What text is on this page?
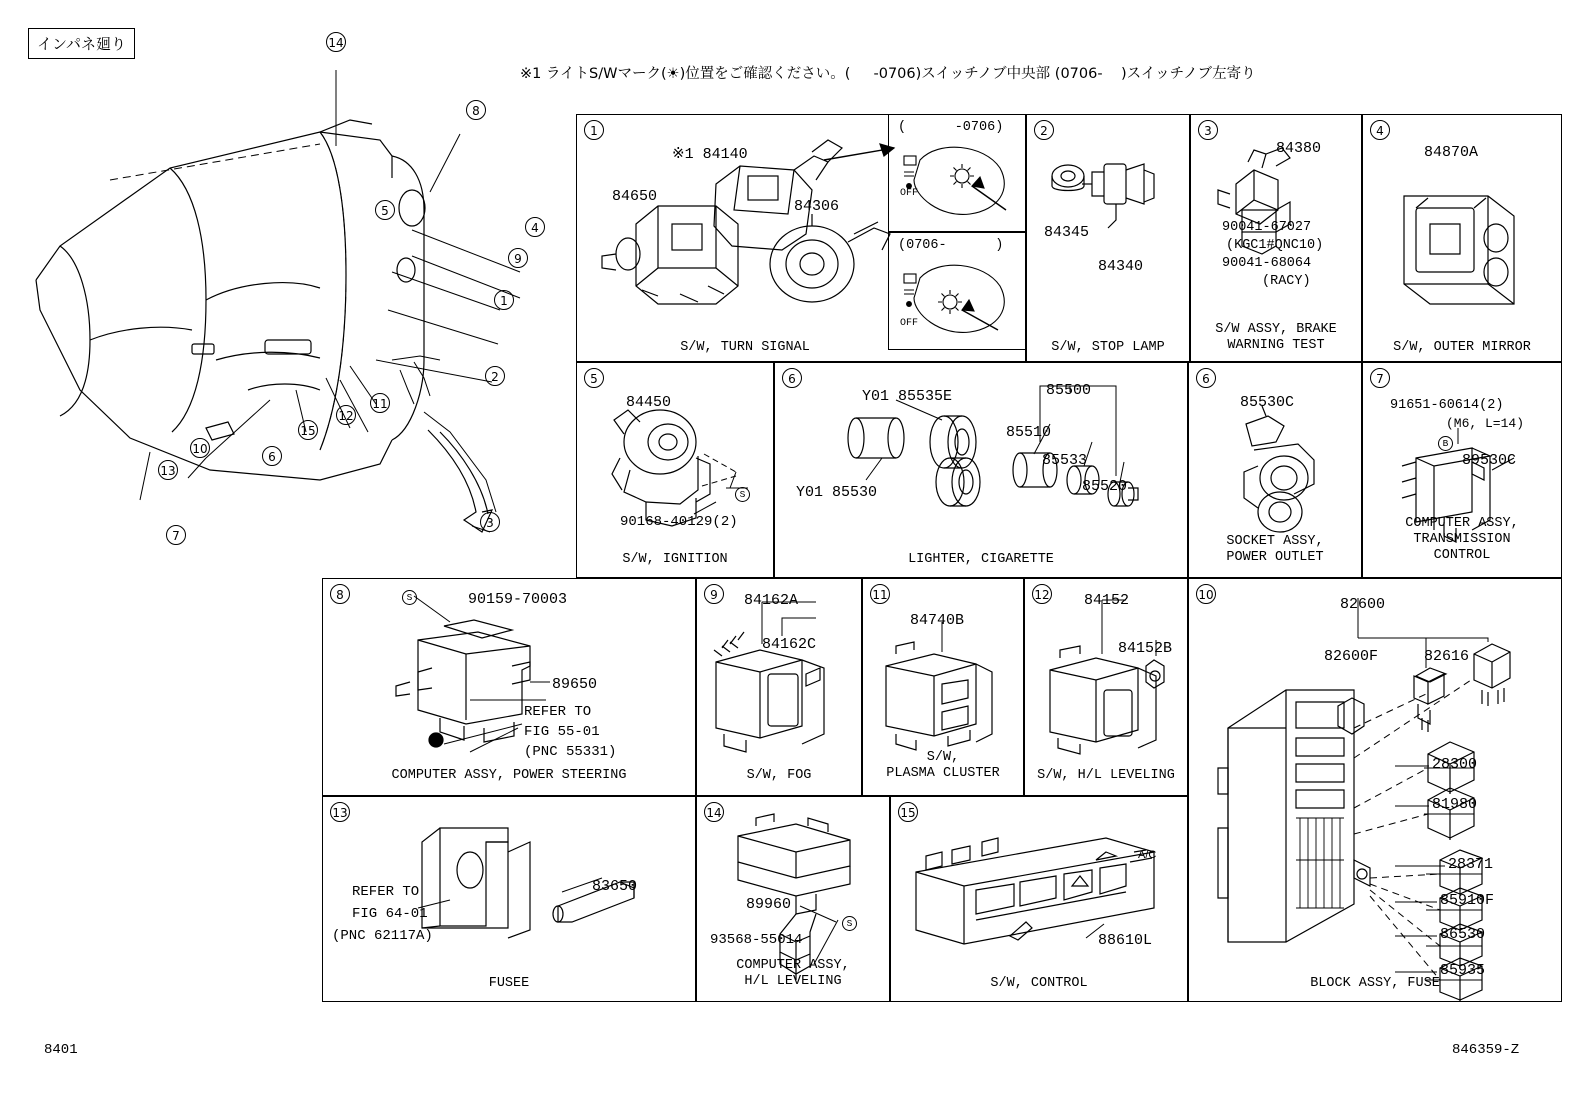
インパネ廻り
※1 ライトS/Wマーク(☀)位置をご確認ください。(     -0706)スイッチノブ中央部 (0706-    )スイッチノブ左寄り
14
8
4
9
1
2
5
11
12
15
6
10
13
7
3
1
※1 84140
84650
84306
S/W, TURN SIGNAL
(      -0706)
(0706-      )
OFF
OFF
2
84345
84340
S/W, STOP LAMP
3
84380
90041-67027
(KGC1#QNC10)
90041-68064
(RACY)
S/W ASSY, BRAKE
WARNING TEST
4
84870A
S/W, OUTER MIRROR
5
84450
90168-40129(2)
S
S/W, IGNITION
6
Y01 85535E
Y01 85530
85500
85510
85533
85520
LIGHTER, CIGARETTE
6
85530C
SOCKET ASSY,
POWER OUTLET
7
91651-60614(2)
(M6, L=14)
B
89530C
COMPUTER ASSY,
TRANSMISSION
CONTROL
8	S	90159-70003
89650
REFER TO
FIG 55-01
(PNC 55331)
COMPUTER ASSY, POWER STEERING
9	84162A
84162C
S/W, FOG
11
84740B
S/W,
PLASMA CLUSTER
12 84152
84152B
S/W, H/L LEVELING
10
82600
82600F	82616
28300
81980
28371
85910F
86530
85935
BLOCK ASSY, FUSE
13
REFER TO
FIG 64-01
(PNC 62117A)
83650
FUSEE
14
89960
93568-55014
S
COMPUTER ASSY,
H/L LEVELING
15
88610L
S/W, CONTROL
A/C
8401	846359-Z
